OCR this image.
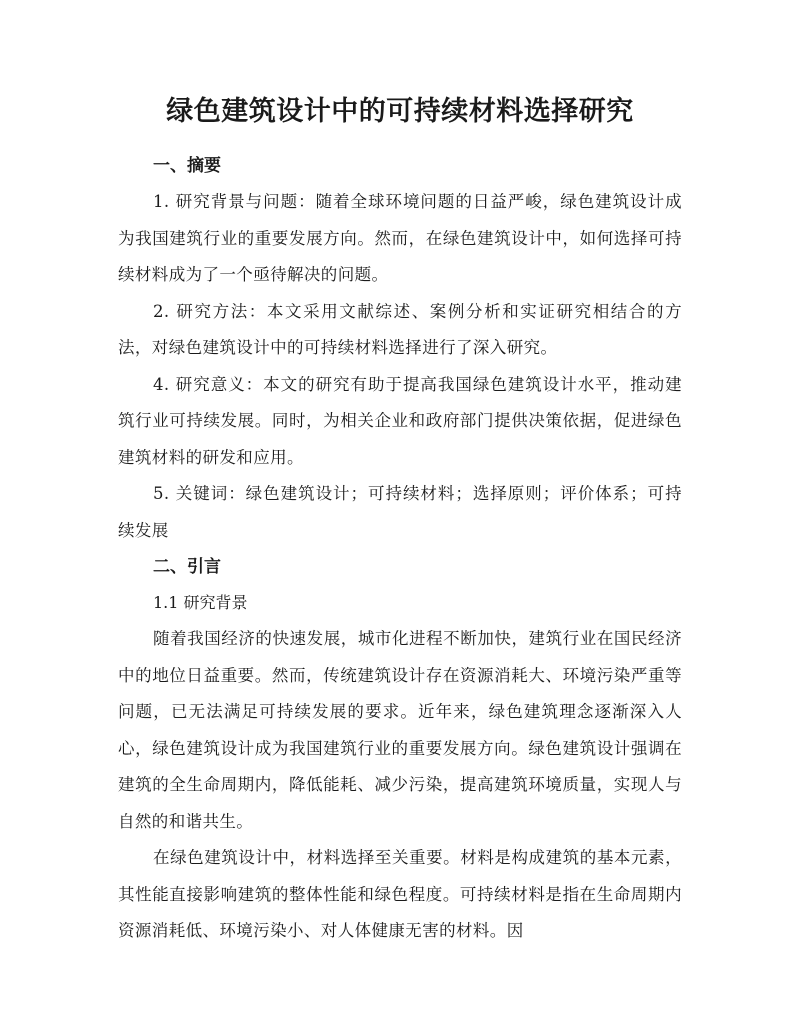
绿色建筑设计中的可持续材料选择研究

一、摘要

1. 研究背景与问题：随着全球环境问题的日益严峻，绿色建筑设计成为我国建筑行业的重要发展方向。然而，在绿色建筑设计中，如何选择可持续材料成为了一个亟待解决的问题。

2. 研究方法：本文采用文献综述、案例分析和实证研究相结合的方法，对绿色建筑设计中的可持续材料选择进行了深入研究。

4. 研究意义：本文的研究有助于提高我国绿色建筑设计水平，推动建筑行业可持续发展。同时，为相关企业和政府部门提供决策依据，促进绿色建筑材料的研发和应用。

5. 关键词：绿色建筑设计；可持续材料；选择原则；评价体系；可持续发展

二、引言

1.1 研究背景

随着我国经济的快速发展，城市化进程不断加快，建筑行业在国民经济中的地位日益重要。然而，传统建筑设计存在资源消耗大、环境污染严重等问题，已无法满足可持续发展的要求。近年来，绿色建筑理念逐渐深入人心，绿色建筑设计成为我国建筑行业的重要发展方向。绿色建筑设计强调在建筑的全生命周期内，降低能耗、减少污染，提高建筑环境质量，实现人与自然的和谐共生。

在绿色建筑设计中，材料选择至关重要。材料是构成建筑的基本元素，其性能直接影响建筑的整体性能和绿色程度。可持续材料是指在生命周期内资源消耗低、环境污染小、对人体健康无害的材料。因
